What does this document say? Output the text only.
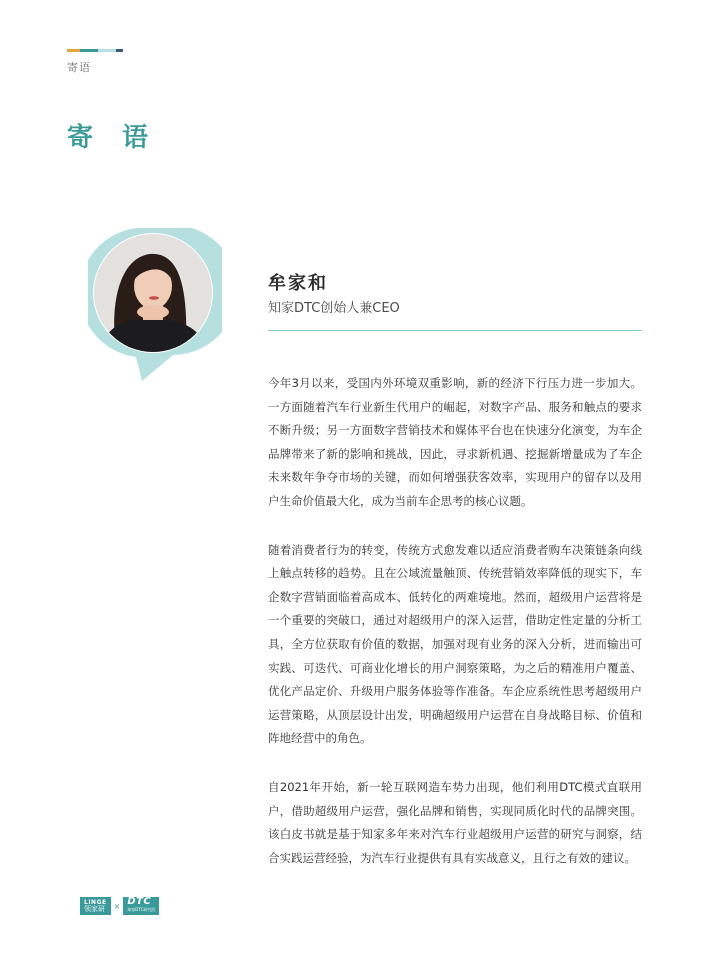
寄语
寄 语
牟家和
知家DTC创始人兼CEO

今年3月以来，受国内外环境双重影响，新的经济下行压力进一步加大。一方面随着汽车行业新生代用户的崛起，对数字产品、服务和触点的要求不断升级；另一方面数字营销技术和媒体平台也在快速分化演变，为车企品牌带来了新的影响和挑战，因此，寻求新机遇、挖掘新增量成为了车企未来数年争夺市场的关键，而如何增强获客效率，实现用户的留存以及用户生命价值最大化，成为当前车企思考的核心议题。

随着消费者行为的转变，传统方式愈发难以适应消费者购车决策链条向线上触点转移的趋势。且在公域流量触顶、传统营销效率降低的现实下，车企数字营销面临着高成本、低转化的两难境地。然而，超级用户运营将是一个重要的突破口，通过对超级用户的深入运营，借助定性定量的分析工具，全方位获取有价值的数据，加强对现有业务的深入分析，进而输出可实践、可迭代、可商业化增长的用户洞察策略，为之后的精准用户覆盖、优化产品定价、升级用户服务体验等作准备。车企应系统性思考超级用户运营策略，从顶层设计出发，明确超级用户运营在自身战略目标、价值和阵地经营中的角色。

自2021年开始，新一轮互联网造车势力出现，他们利用DTC模式直联用户，借助超级用户运营，强化品牌和销售，实现同质化时代的品牌突围。该白皮书就是基于知家多年来对汽车行业超级用户运营的研究与洞察，结合实践运营经验，为汽车行业提供有具有实战意义，且行之有效的建议。

LINGE
领家研 × DTC
知家DTC研究院
